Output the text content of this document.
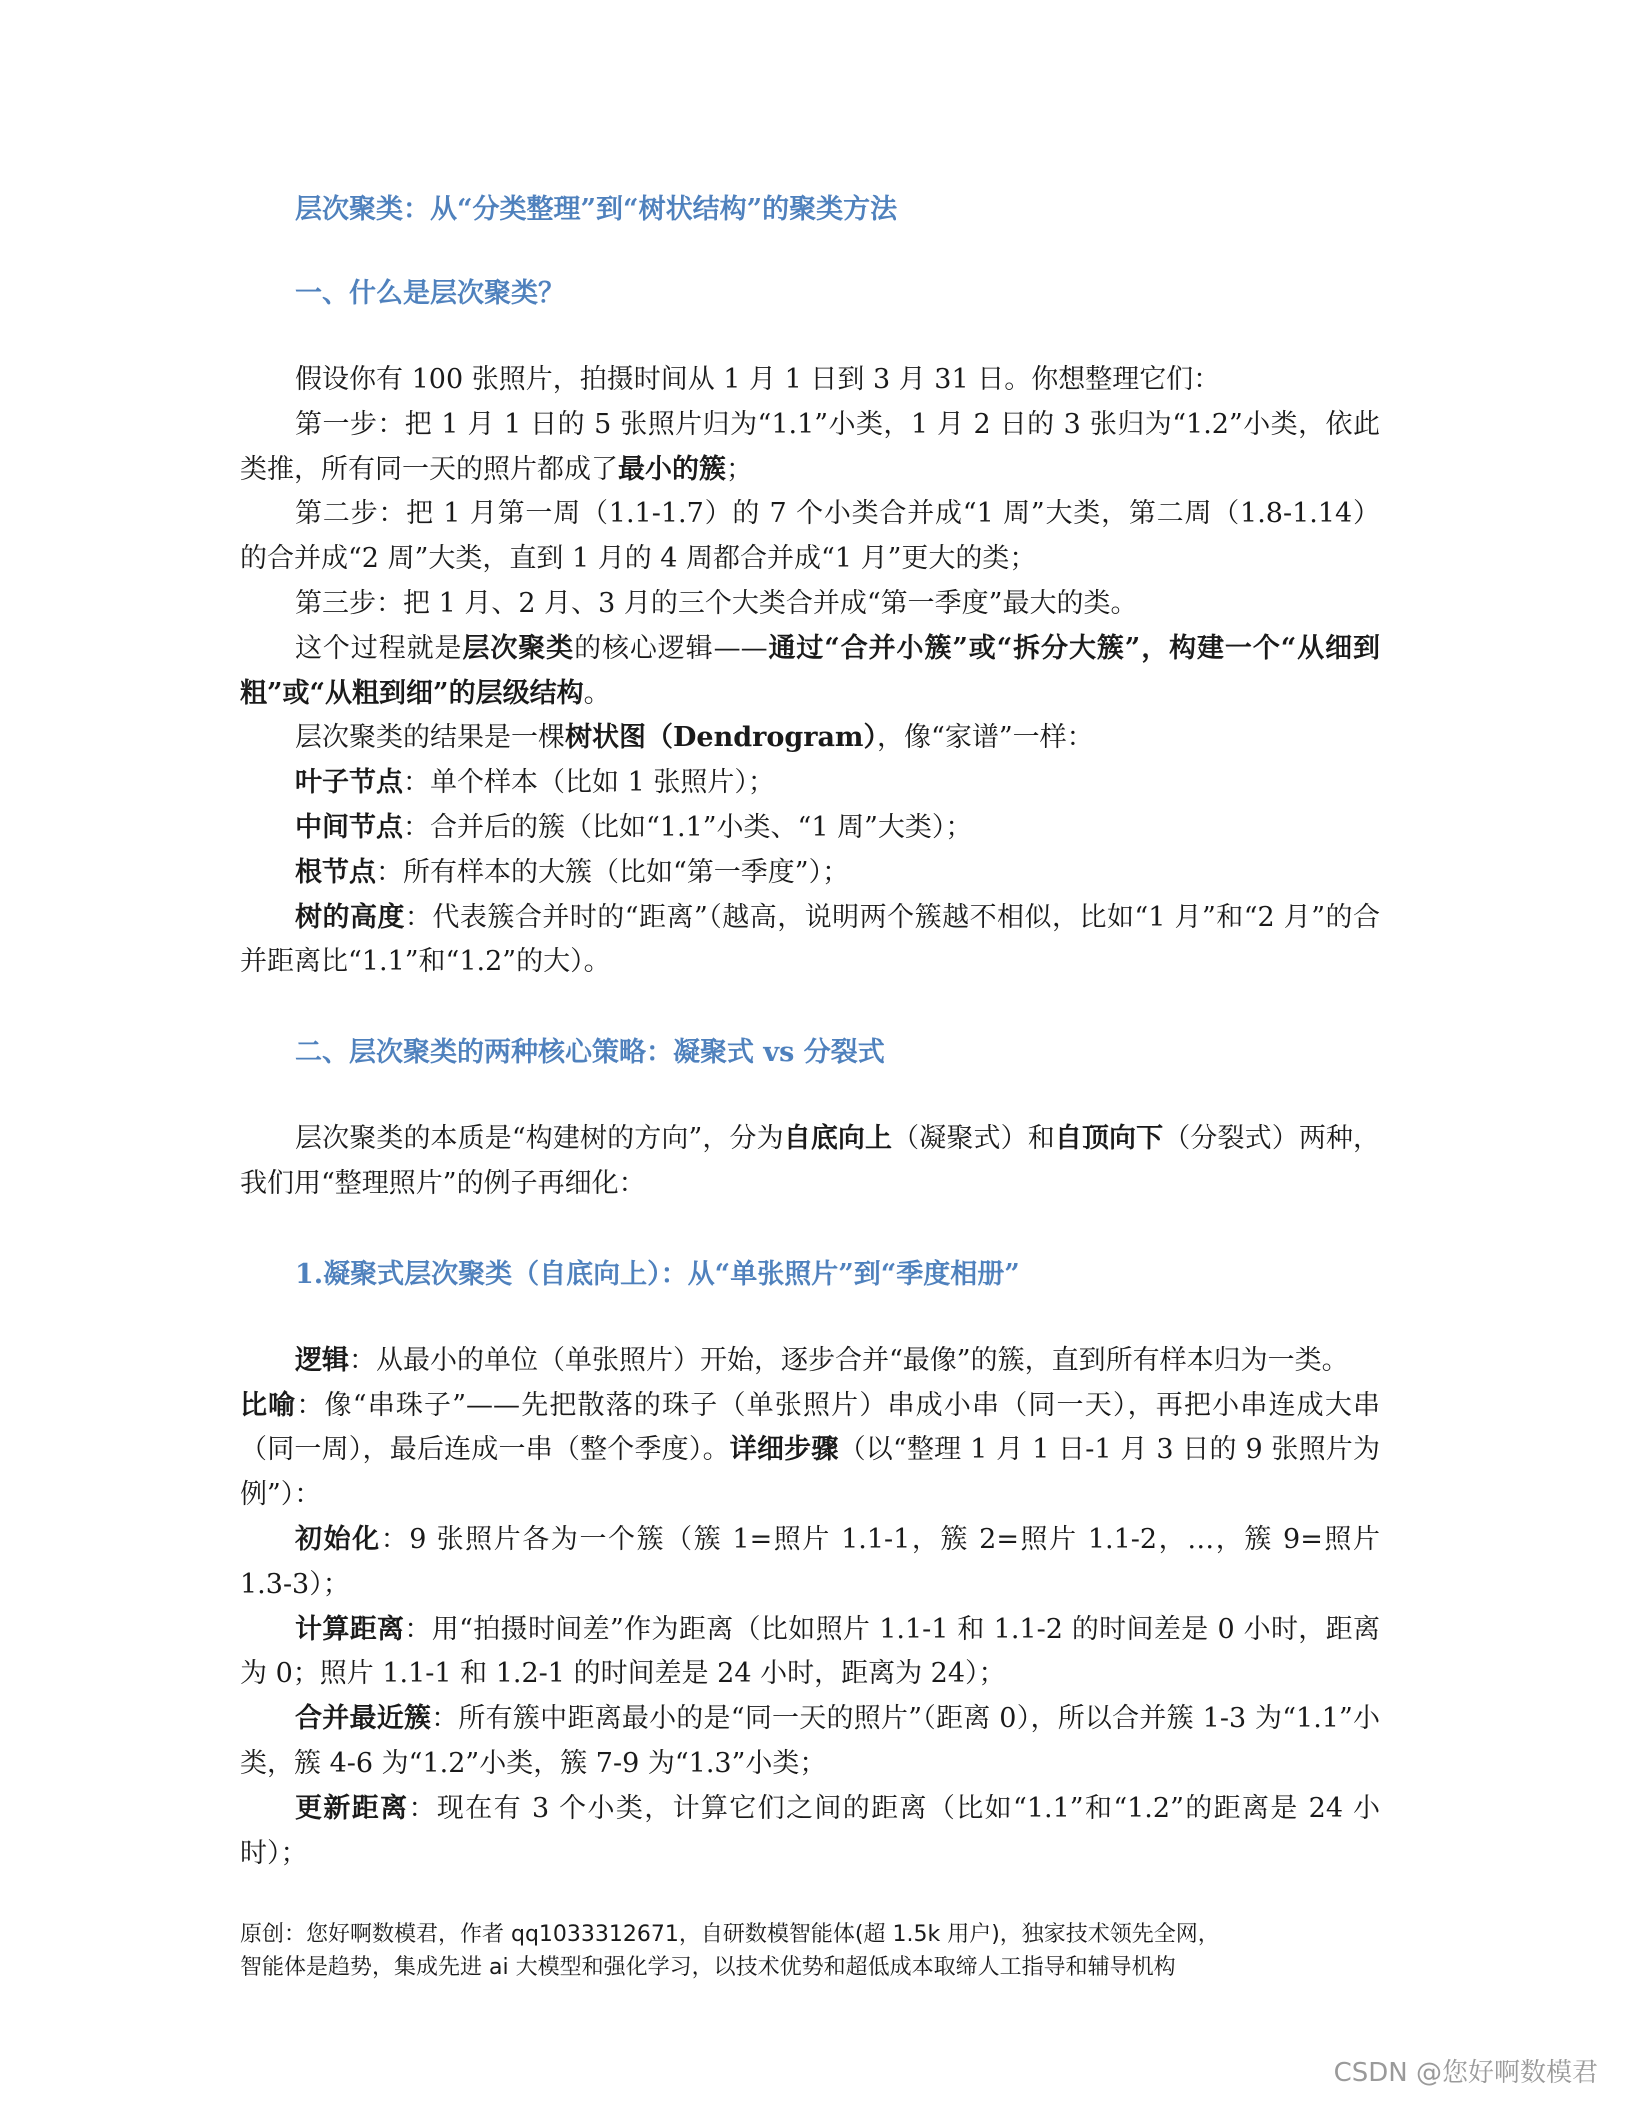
层次聚类：从“分类整理”到“树状结构”的聚类方法
一、什么是层次聚类？

假设你有 100 张照片，拍摄时间从 1 月 1 日到 3 月 31 日。你想整理它们：

第一步：把 1 月 1 日的 5 张照片归为“1.1”小类，1 月 2 日的 3 张归为“1.2”小类，依此类推，所有同一天的照片都成了最小的簇；

第二步：把 1 月第一周（1.1-1.7）的 7 个小类合并成“1 周”大类，第二周（1.8-1.14）的合并成“2 周”大类，直到 1 月的 4 周都合并成“1 月”更大的类；

第三步：把 1 月、2 月、3 月的三个大类合并成“第一季度”最大的类。

这个过程就是层次聚类的核心逻辑——通过“合并小簇”或“拆分大簇”，构建一个“从细到粗”或“从粗到细”的层级结构。

层次聚类的结果是一棵树状图（Dendrogram），像“家谱”一样：

叶子节点：单个样本（比如 1 张照片）；

中间节点：合并后的簇（比如“1.1”小类、“1 周”大类）；

根节点：所有样本的大簇（比如“第一季度”）；

树的高度：代表簇合并时的“距离”（越高，说明两个簇越不相似，比如“1 月”和“2 月”的合并距离比“1.1”和“1.2”的大）。

二、层次聚类的两种核心策略：凝聚式 vs 分裂式

层次聚类的本质是“构建树的方向”，分为自底向上（凝聚式）和自顶向下（分裂式）两种，我们用“整理照片”的例子再细化：

1.凝聚式层次聚类（自底向上）：从“单张照片”到“季度相册”

逻辑：从最小的单位（单张照片）开始，逐步合并“最像”的簇，直到所有样本归为一类。

比喻：像“串珠子”——先把散落的珠子（单张照片）串成小串（同一天），再把小串连成大串（同一周），最后连成一串（整个季度）。详细步骤（以“整理 1 月 1 日-1 月 3 日的 9 张照片为例”）：

初始化：9 张照片各为一个簇（簇 1=照片 1.1-1，簇 2=照片 1.1-2，…，簇 9=照片 1.3-3）；

计算距离：用“拍摄时间差”作为距离（比如照片 1.1-1 和 1.1-2 的时间差是 0 小时，距离为 0；照片 1.1-1 和 1.2-1 的时间差是 24 小时，距离为 24）；

合并最近簇：所有簇中距离最小的是“同一天的照片”（距离 0），所以合并簇 1-3 为“1.1”小类，簇 4-6 为“1.2”小类，簇 7-9 为“1.3”小类；

更新距离：现在有 3 个小类，计算它们之间的距离（比如“1.1”和“1.2”的距离是 24 小时）；

原创：您好啊数模君，作者 qq1033312671，自研数模智能体(超 1.5k 用户)，独家技术领先全网，
智能体是趋势，集成先进 ai 大模型和强化学习，以技术优势和超低成本取缔人工指导和辅导机构
CSDN @您好啊数模君
